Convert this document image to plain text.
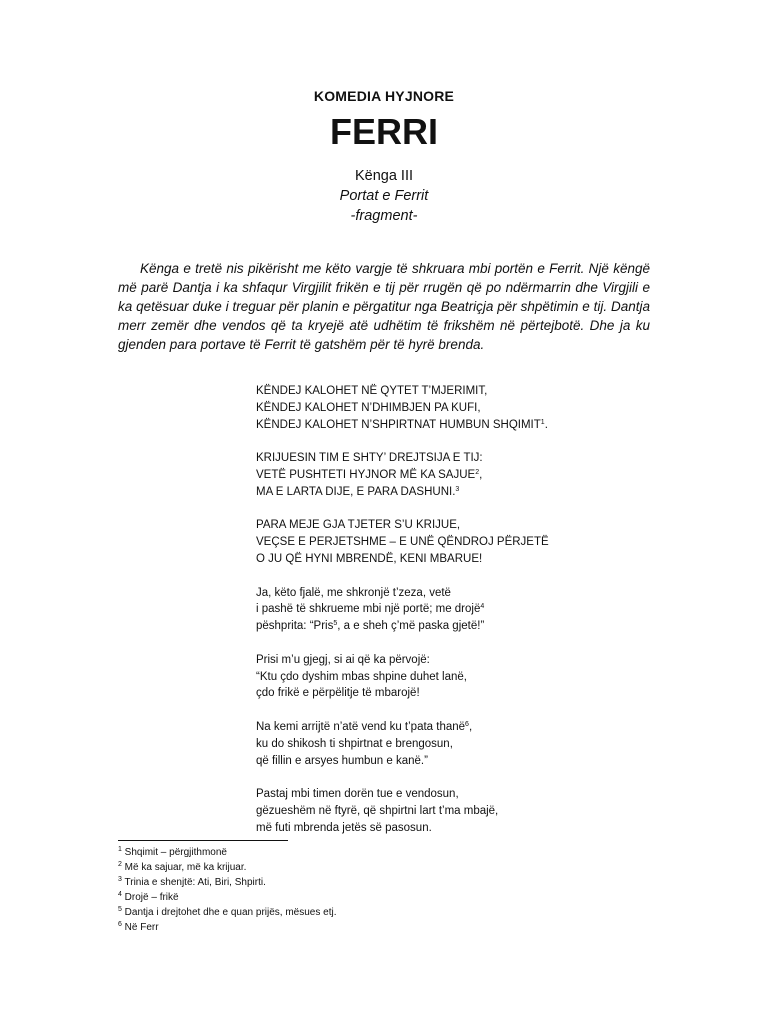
KOMEDIA HYJNORE

FERRI

Kënga III

Portat e Ferrit

-fragment-

Kënga e tretë nis pikërisht me këto vargje të shkruara mbi portën e Ferrit. Një këngë më parë Dantja i ka shfaqur Virgjilit frikën e tij për rrugën që po ndërmarrin dhe Virgjili e ka qetësuar duke i treguar për planin e përgatitur nga Beatriçja për shpëtimin e tij. Dantja merr zemër dhe vendos që ta kryejë atë udhëtim të frikshëm në përtejbotë. Dhe ja ku gjenden para portave të Ferrit të gatshëm për të hyrë brenda.

KËNDEJ KALOHET NË QYTET T’MJERIMIT,
KËNDEJ KALOHET N’DHIMBJEN PA KUFI,
KËNDEJ KALOHET N’SHPIRTNAT HUMBUN SHQIMIT$^1$.
KRIJUESIN TIM E SHTY’ DREJTSIJA E TIJ:
VETË PUSHTETI HYJNOR MË KA SAJUE$^2$,
MA E LARTA DIJE, E PARA DASHUNI.$^3$
PARA MEJE GJA TJETER S’U KRIJUE,
VEÇSE E PERJETSHME – E UNË QËNDROJ PËRJETË
O JU QË HYNI MBRENDË, KENI MBARUE!
Ja, këto fjalë, me shkronjë t’zeza, vetë
i pashë të shkrueme mbi një portë; me drojë$^4$
pëshprita: “Pris$^5$, a e sheh ç’më paska gjetë!”
Prisi m’u gjegj, si ai që ka përvojë:
“Ktu çdo dyshim mbas shpine duhet lanë,
çdo frikë e përpëlitje të mbarojë!
Na kemi arrijtë n’atë vend ku t’pata thanë$^6$,
ku do shikosh ti shpirtnat e brengosun,
që fillin e arsyes humbun e kanë.”
Pastaj mbi timen dorën tue e vendosun,
gëzueshëm në ftyrë, që shpirtni lart t’ma mbajë,
më futi mbrenda jetës së pasosun.
$^1$ Shqimit – përgjithmonë
$^2$ Më ka sajuar, më ka krijuar.
$^3$ Trinia e shenjtë: Ati, Biri, Shpirti.
$^4$ Drojë – frikë
$^5$ Dantja i drejtohet dhe e quan prijës, mësues etj.
$^6$ Në Ferr
